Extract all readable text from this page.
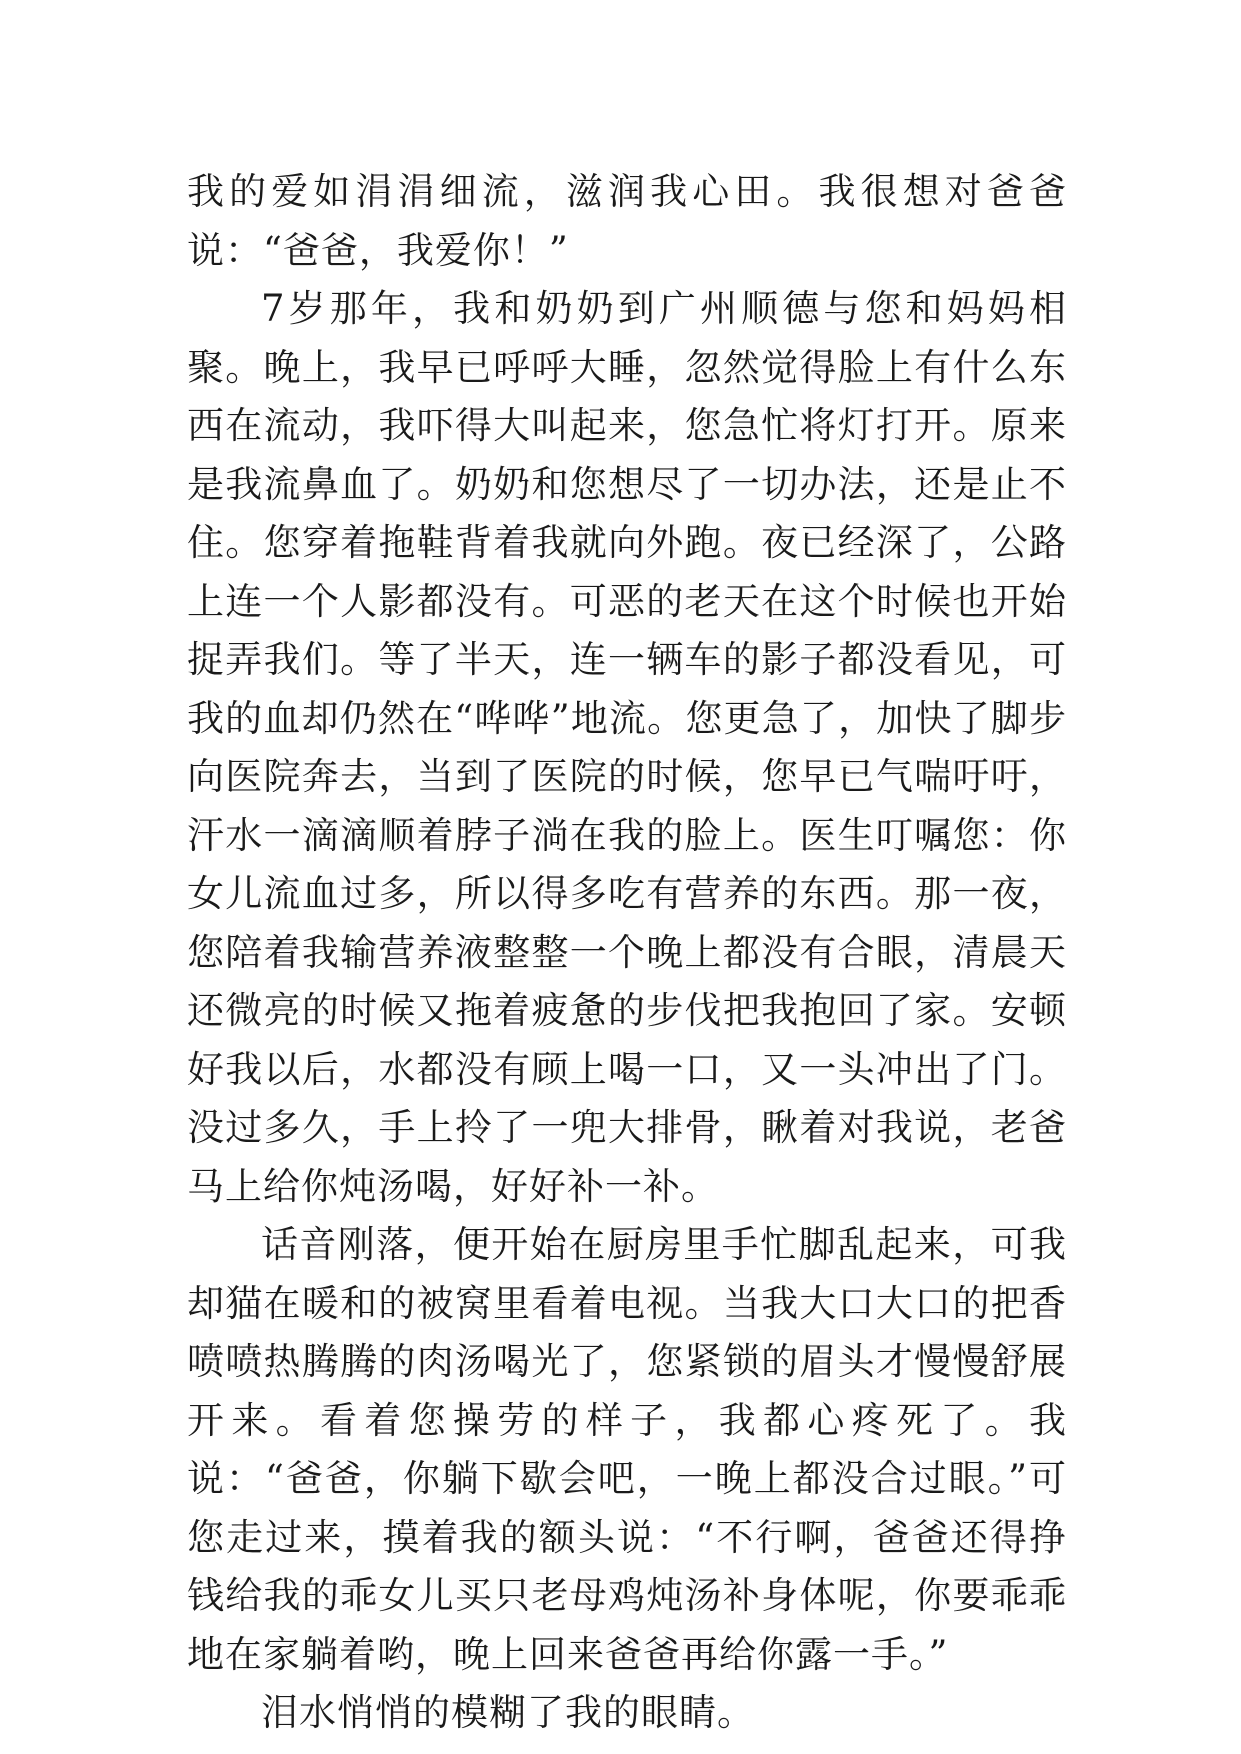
我的爱如涓涓细流，滋润我心田。我很想对爸爸说：“爸爸，我爱你！”

7岁那年，我和奶奶到广州顺德与您和妈妈相聚。晚上，我早已呼呼大睡，忽然觉得脸上有什么东西在流动，我吓得大叫起来，您急忙将灯打开。原来是我流鼻血了。奶奶和您想尽了一切办法，还是止不住。您穿着拖鞋背着我就向外跑。夜已经深了，公路上连一个人影都没有。可恶的老天在这个时候也开始捉弄我们。等了半天，连一辆车的影子都没看见，可我的血却仍然在“哗哗”地流。您更急了，加快了脚步向医院奔去，当到了医院的时候，您早已气喘吁吁，汗水一滴滴顺着脖子淌在我的脸上。医生叮嘱您：你女儿流血过多，所以得多吃有营养的东西。那一夜，您陪着我输营养液整整一个晚上都没有合眼，清晨天还微亮的时候又拖着疲惫的步伐把我抱回了家。安顿好我以后，水都没有顾上喝一口，又一头冲出了门。没过多久，手上拎了一兜大排骨，瞅着对我说，老爸马上给你炖汤喝，好好补一补。

话音刚落，便开始在厨房里手忙脚乱起来，可我却猫在暖和的被窝里看着电视。当我大口大口的把香喷喷热腾腾的肉汤喝光了，您紧锁的眉头才慢慢舒展开来。看着您操劳的样子，我都心疼死了。我说：“爸爸，你躺下歇会吧，一晚上都没合过眼。”可您走过来，摸着我的额头说：“不行啊，爸爸还得挣钱给我的乖女儿买只老母鸡炖汤补身体呢，你要乖乖地在家躺着哟，晚上回来爸爸再给你露一手。”

泪水悄悄的模糊了我的眼睛。
